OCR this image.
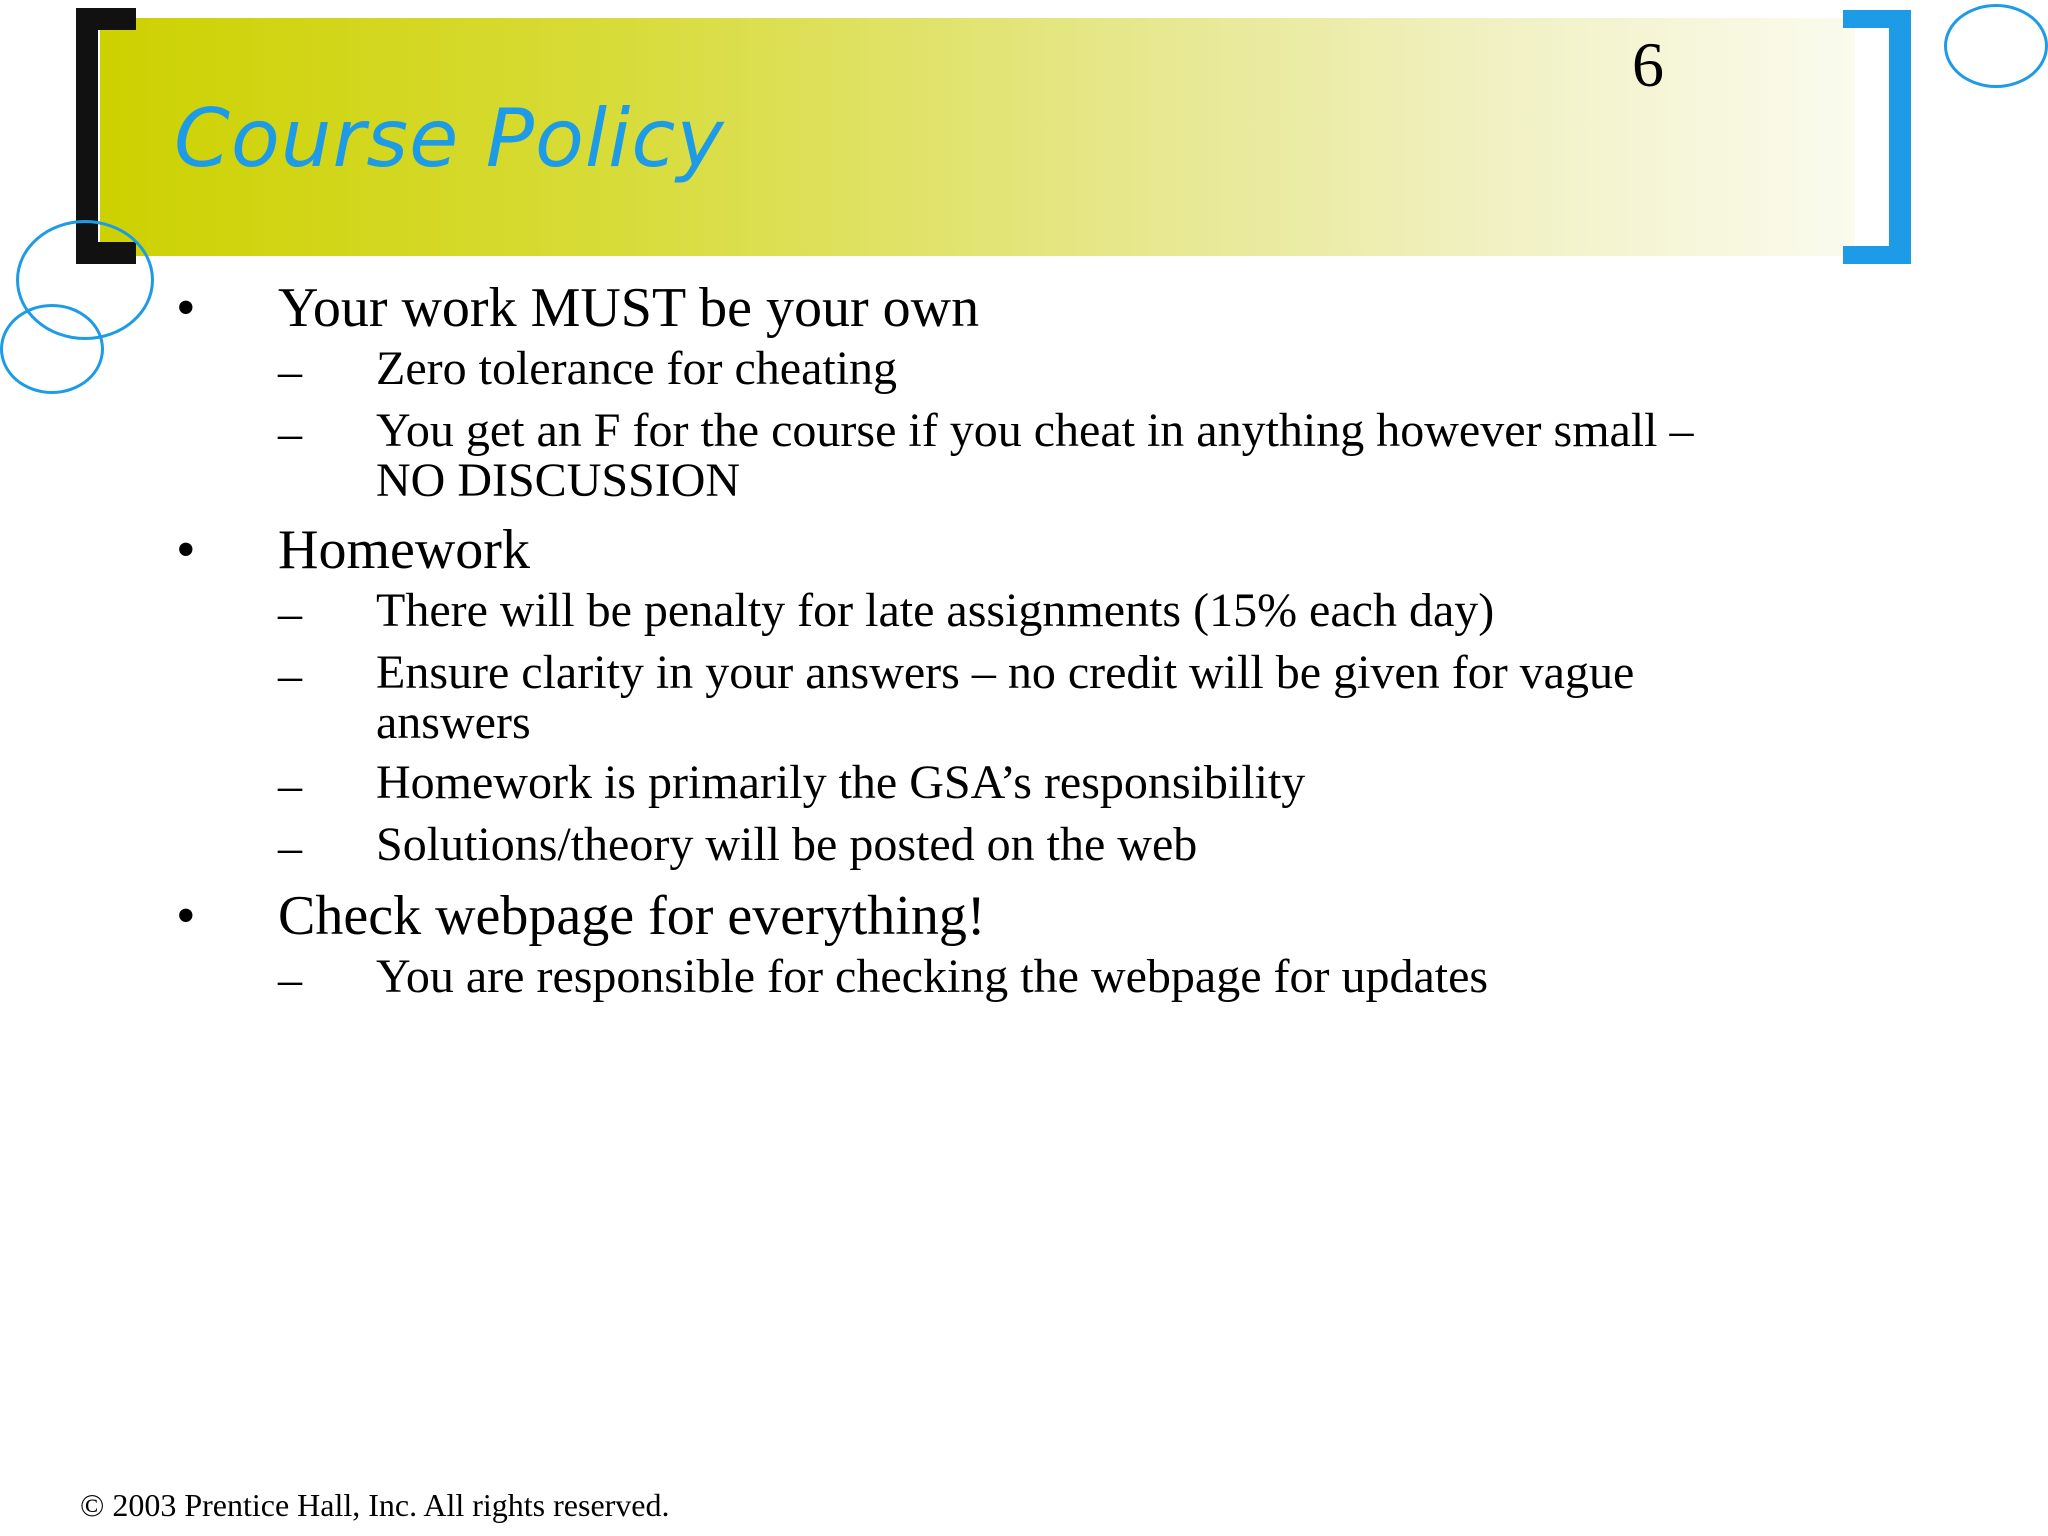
Course Policy
6
• Your work MUST be your own
– Zero tolerance for cheating
– You get an F for the course if you cheat in anything however small –
NO DISCUSSION
• Homework
– There will be penalty for late assignments (15% each day)
– Ensure clarity in your answers – no credit will be given for vague
answers
– Homework is primarily the GSA’s responsibility
– Solutions/theory will be posted on the web
• Check webpage for everything!
– You are responsible for checking the webpage for updates
© 2003 Prentice Hall, Inc. All rights reserved.
